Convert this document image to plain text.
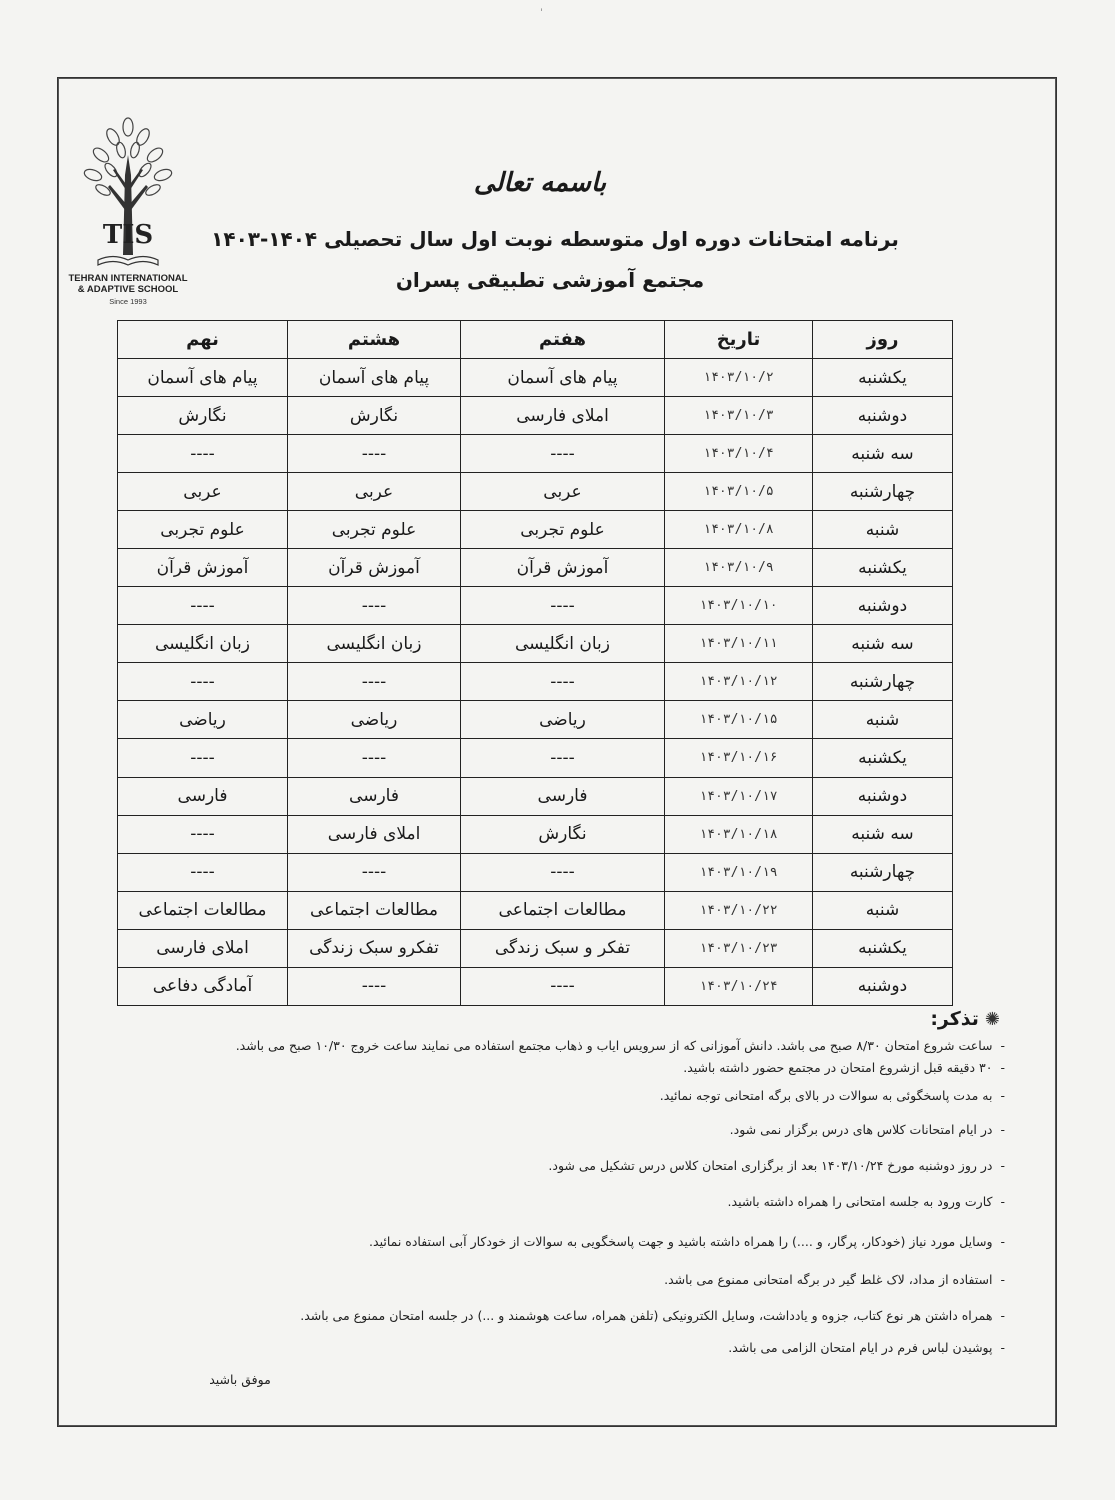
ˈ
TIS
TEHRAN INTERNATIONAL
& ADAPTIVE SCHOOL
Since 1993
باسمه تعالی
برنامه امتحانات دوره اول متوسطه نوبت اول سال تحصیلی ۱۴۰۴-۱۴۰۳
مجتمع آموزشی تطبیقی پسران
روز	تاریخ	هفتم	هشتم	نهم
یکشنبه	۱۴۰۳/۱۰/۲	پیام های آسمان	پیام های آسمان	پیام های آسمان
دوشنبه	۱۴۰۳/۱۰/۳	املای فارسی	نگارش	نگارش
سه شنبه	۱۴۰۳/۱۰/۴	----	----	----
چهارشنبه	۱۴۰۳/۱۰/۵	عربی	عربی	عربی
شنبه	۱۴۰۳/۱۰/۸	علوم تجربی	علوم تجربی	علوم تجربی
یکشنبه	۱۴۰۳/۱۰/۹	آموزش قرآن	آموزش قرآن	آموزش قرآن
دوشنبه	۱۴۰۳/۱۰/۱۰	----	----	----
سه شنبه	۱۴۰۳/۱۰/۱۱	زبان انگلیسی	زبان انگلیسی	زبان انگلیسی
چهارشنبه	۱۴۰۳/۱۰/۱۲	----	----	----
شنبه	۱۴۰۳/۱۰/۱۵	ریاضی	ریاضی	ریاضی
یکشنبه	۱۴۰۳/۱۰/۱۶	----	----	----
دوشنبه	۱۴۰۳/۱۰/۱۷	فارسی	فارسی	فارسی
سه شنبه	۱۴۰۳/۱۰/۱۸	نگارش	املای فارسی	----
چهارشنبه	۱۴۰۳/۱۰/۱۹	----	----	----
شنبه	۱۴۰۳/۱۰/۲۲	مطالعات اجتماعی	مطالعات اجتماعی	مطالعات اجتماعی
یکشنبه	۱۴۰۳/۱۰/۲۳	تفکر و سبک زندگی	تفکرو سبک زندگی	املای فارسی
دوشنبه	۱۴۰۳/۱۰/۲۴	----	----	آمادگی دفاعی
✺تذکر:
-ساعت شروع امتحان ۸/۳۰ صبح می باشد. دانش آموزانی که از سرویس ایاب و ذهاب مجتمع استفاده می نمایند ساعت خروج ۱۰/۳۰ صبح می باشد.
-۳۰ دقیقه قبل ازشروع امتحان در مجتمع حضور داشته باشید.
-به مدت پاسخگوئی به سوالات در بالای برگه امتحانی توجه نمائید.
-در ایام امتحانات کلاس های درس برگزار نمی شود.
-در روز دوشنبه مورخ ۱۴۰۳/۱۰/۲۴ بعد از برگزاری امتحان کلاس درس تشکیل می شود.
-کارت ورود به جلسه امتحانی را همراه داشته باشید.
-وسایل مورد نیاز (خودکار، پرگار، و ....) را همراه داشته باشید و جهت پاسخگویی به سوالات از خودکار آبی استفاده نمائید.
-استفاده از مداد، لاک غلط گیر در برگه امتحانی ممنوع می باشد.
-همراه داشتن هر نوع کتاب، جزوه و یادداشت، وسایل الکترونیکی (تلفن همراه، ساعت هوشمند و ...) در جلسه امتحان ممنوع می باشد.
-پوشیدن لباس فرم در ایام امتحان الزامی می باشد.
موفق باشید
